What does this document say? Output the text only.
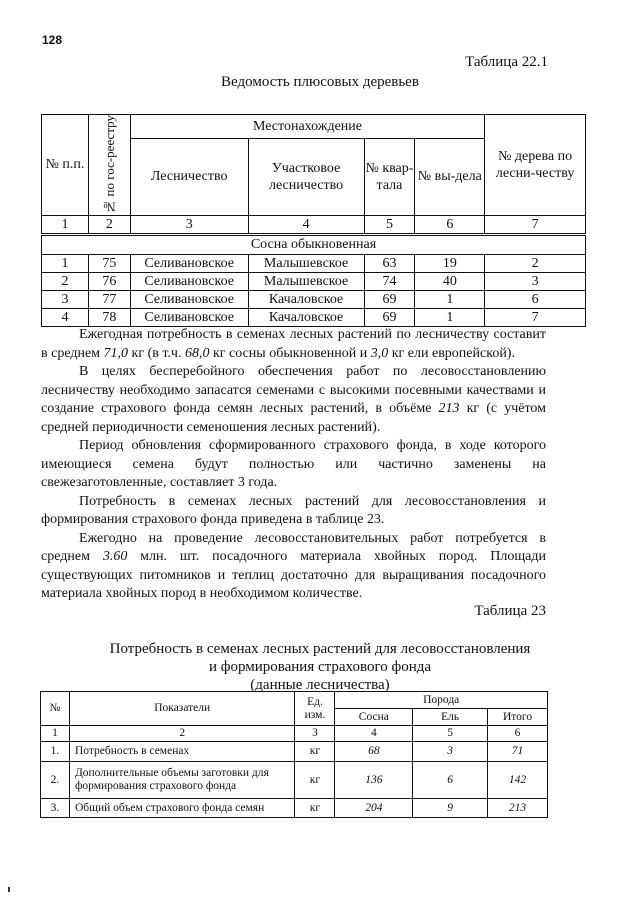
128
Таблица 22.1
Ведомость плюсовых деревьев
№ п.п.	№ по гос-реестру	Местонахождение				№ дерева по лесни-честву
		Лесничество	Участковое лесничество	№ квар-тала	№ вы-дела	
1	2	3	4	5	6	7
Сосна обыкновенная						
1	75	Селивановское	Малышевское	63	19	2
2	76	Селивановское	Малышевское	74	40	3
3	77	Селивановское	Качаловское	69	1	6
4	78	Селивановское	Качаловское	69	1	7

Ежегодная потребность в семенах лесных растений по лесничеству составит в среднем 71,0 кг (в т.ч. 68,0 кг сосны обыкновенной и 3,0 кг ели европейской).

В целях бесперебойного обеспечения работ по лесовосстановлению лесничеству необходимо запасатся семенами с высокими посевными качествами и создание страхового фонда семян лесных растений, в объёме 213 кг (с учётом средней периодичности семеношения лесных растений).

Период обновления сформированного страхового фонда, в ходе которого имеющиеся семена будут полностью или частично заменены на свежезаготовленные, составляет 3 года.

Потребность в семенах лесных растений для лесовосстановления и формирования страхового фонда приведена в таблице 23.

Ежегодно на проведение лесовосстановительных работ потребуется в среднем 3.60 млн. шт. посадочного материала хвойных пород. Площади существующих питомников и теплиц достаточно для выращивания посадочного материала хвойных пород в необходимом количестве.

Таблица 23
Потребность в семенах лесных растений для лесовосстановления
и формирования страхового фонда
(данные лесничества)
№	Показатели	Ед. изм.	Порода		
			Сосна	Ель	Итого
1	2	3	4	5	6
1.	Потребность в семенах	кг	68	3	71
2.	Дополнительные объемы заготовки для формирования страхового фонда	кг	136	6	142
3.	Общий объем страхового фонда семян	кг	204	9	213
